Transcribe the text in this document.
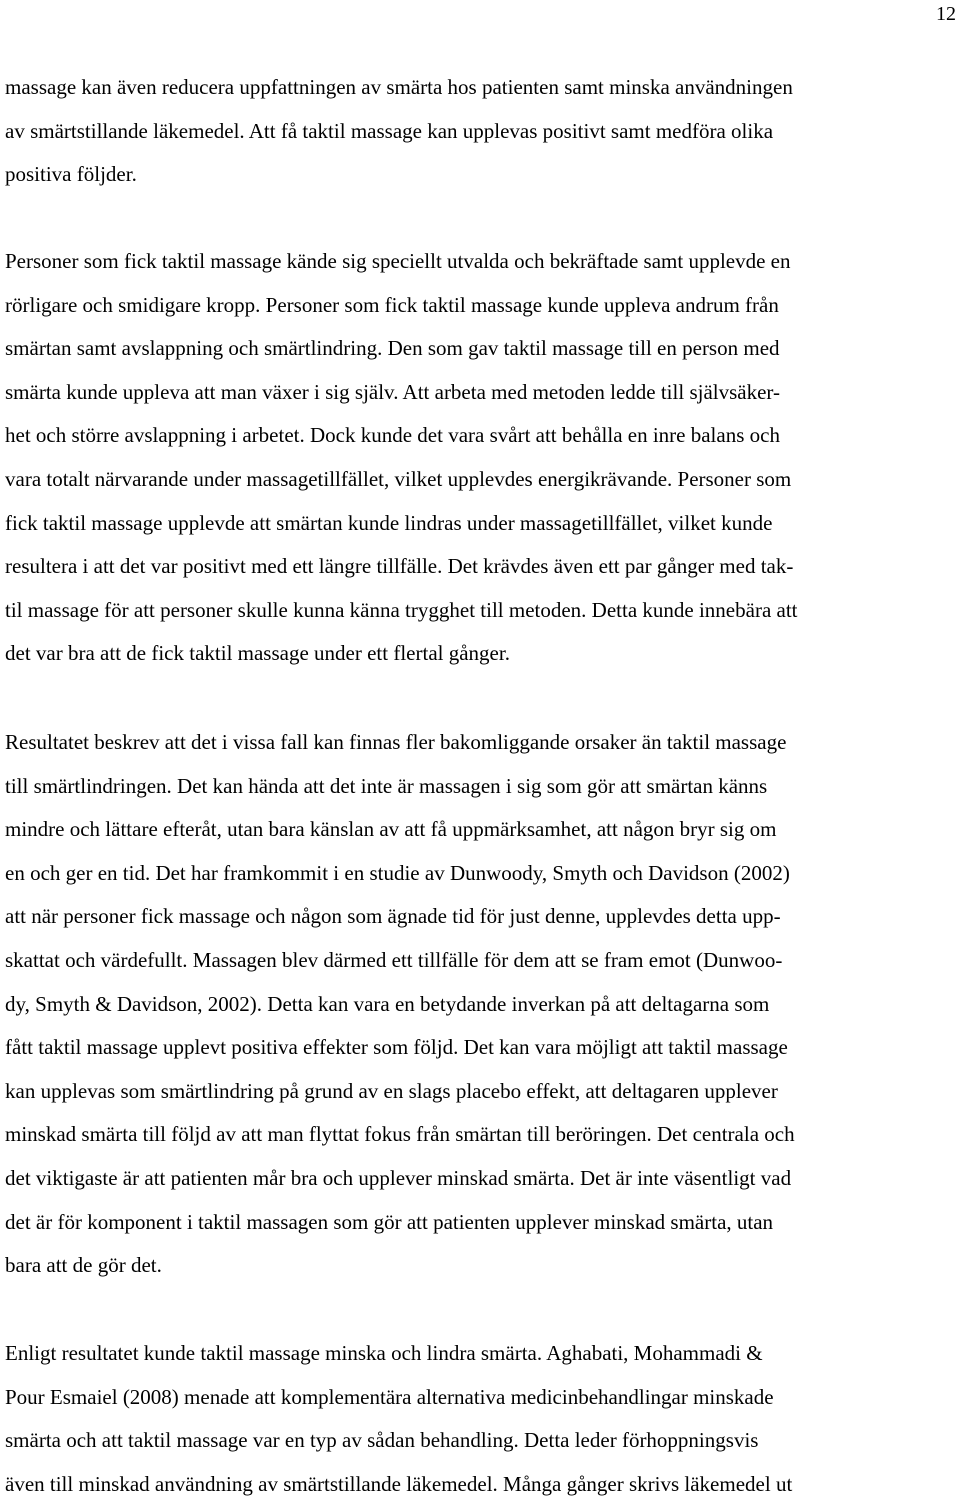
12
massage kan även reducera uppfattningen av smärta hos patienten samt minska användningen
av smärtstillande läkemedel. Att få taktil massage kan upplevas positivt samt medföra olika
positiva följder.
Personer som fick taktil massage kände sig speciellt utvalda och bekräftade samt upplevde en
rörligare och smidigare kropp. Personer som fick taktil massage kunde uppleva andrum från
smärtan samt avslappning och smärtlindring. Den som gav taktil massage till en person med
smärta kunde uppleva att man växer i sig själv. Att arbeta med metoden ledde till självsäker-
het och större avslappning i arbetet. Dock kunde det vara svårt att behålla en inre balans och
vara totalt närvarande under massagetillfället, vilket upplevdes energikrävande. Personer som
fick taktil massage upplevde att smärtan kunde lindras under massagetillfället, vilket kunde
resultera i att det var positivt med ett längre tillfälle. Det krävdes även ett par gånger med tak-
til massage för att personer skulle kunna känna trygghet till metoden. Detta kunde innebära att
det var bra att de fick taktil massage under ett flertal gånger.
Resultatet beskrev att det i vissa fall kan finnas fler bakomliggande orsaker än taktil massage
till smärtlindringen. Det kan hända att det inte är massagen i sig som gör att smärtan känns
mindre och lättare efteråt, utan bara känslan av att få uppmärksamhet, att någon bryr sig om
en och ger en tid. Det har framkommit i en studie av Dunwoody, Smyth och Davidson (2002)
att när personer fick massage och någon som ägnade tid för just denne, upplevdes detta upp-
skattat och värdefullt. Massagen blev därmed ett tillfälle för dem att se fram emot (Dunwoo-
dy, Smyth & Davidson, 2002). Detta kan vara en betydande inverkan på att deltagarna som
fått taktil massage upplevt positiva effekter som följd. Det kan vara möjligt att taktil massage
kan upplevas som smärtlindring på grund av en slags placebo effekt, att deltagaren upplever
minskad smärta till följd av att man flyttat fokus från smärtan till beröringen. Det centrala och
det viktigaste är att patienten mår bra och upplever minskad smärta. Det är inte väsentligt vad
det är för komponent i taktil massagen som gör att patienten upplever minskad smärta, utan
bara att de gör det.
Enligt resultatet kunde taktil massage minska och lindra smärta. Aghabati, Mohammadi &
Pour Esmaiel (2008) menade att komplementära alternativa medicinbehandlingar minskade
smärta och att taktil massage var en typ av sådan behandling. Detta leder förhoppningsvis
även till minskad användning av smärtstillande läkemedel. Många gånger skrivs läkemedel ut
